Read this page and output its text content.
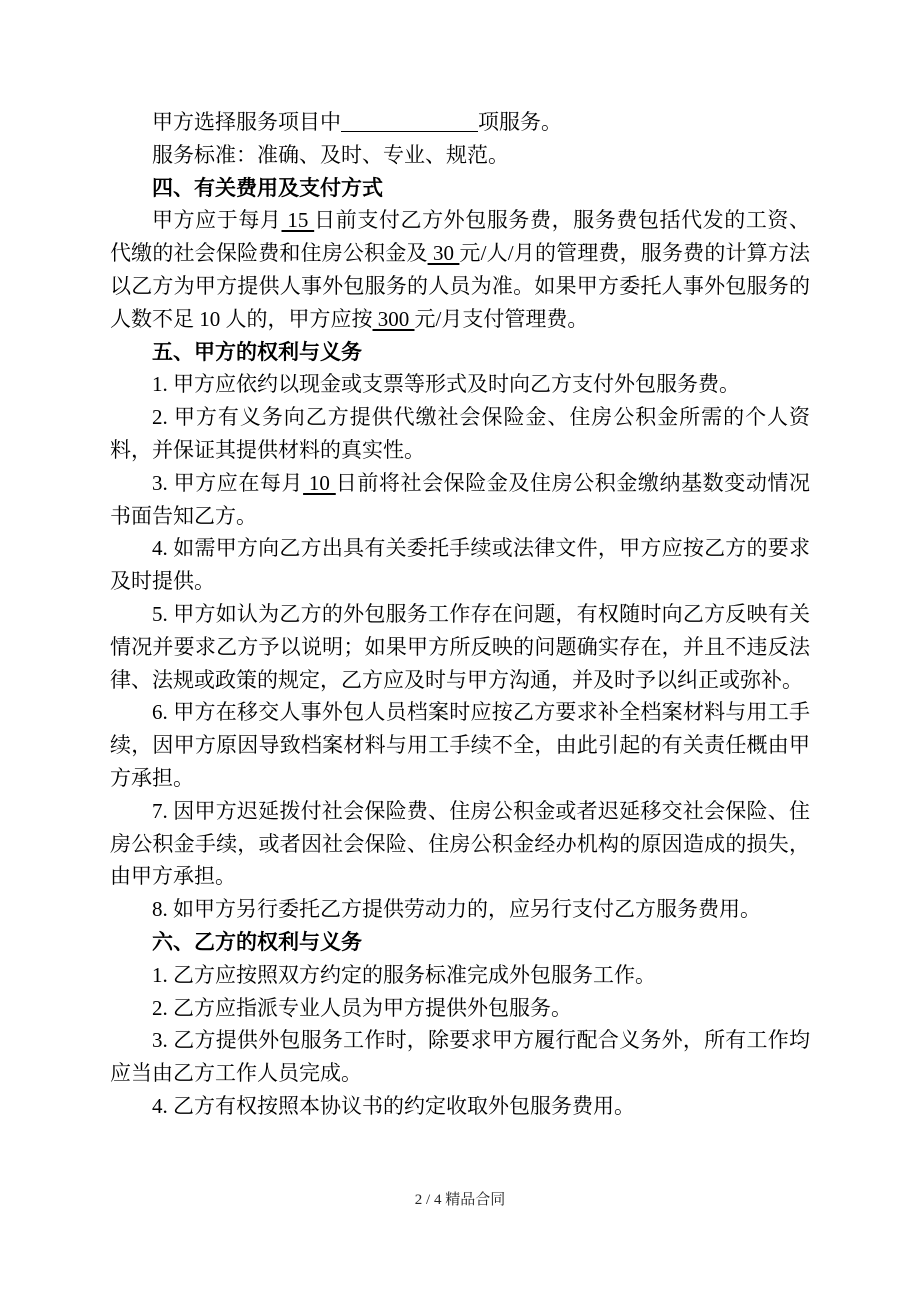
甲方选择服务项目中	项服务。

服务标准：准确、及时、专业、规范。

四、有关费用及支付方式

甲方应于每月 15 日前支付乙方外包服务费，服务费包括代发的工资、代缴的社会保险费和住房公积金及 30 元/人/月的管理费，服务费的计算方法以乙方为甲方提供人事外包服务的人员为准。如果甲方委托人事外包服务的人数不足 10 人的，甲方应按 300 元/月支付管理费。

五、甲方的权利与义务

1. 甲方应依约以现金或支票等形式及时向乙方支付外包服务费。

2. 甲方有义务向乙方提供代缴社会保险金、住房公积金所需的个人资料，并保证其提供材料的真实性。

3. 甲方应在每月 10 日前将社会保险金及住房公积金缴纳基数变动情况书面告知乙方。

4. 如需甲方向乙方出具有关委托手续或法律文件，甲方应按乙方的要求及时提供。

5. 甲方如认为乙方的外包服务工作存在问题，有权随时向乙方反映有关情况并要求乙方予以说明；如果甲方所反映的问题确实存在，并且不违反法律、法规或政策的规定，乙方应及时与甲方沟通，并及时予以纠正或弥补。

6. 甲方在移交人事外包人员档案时应按乙方要求补全档案材料与用工手续，因甲方原因导致档案材料与用工手续不全，由此引起的有关责任概由甲方承担。

7. 因甲方迟延拨付社会保险费、住房公积金或者迟延移交社会保险、住房公积金手续，或者因社会保险、住房公积金经办机构的原因造成的损失，由甲方承担。

8. 如甲方另行委托乙方提供劳动力的，应另行支付乙方服务费用。

六、乙方的权利与义务

1. 乙方应按照双方约定的服务标准完成外包服务工作。

2. 乙方应指派专业人员为甲方提供外包服务。

3. 乙方提供外包服务工作时，除要求甲方履行配合义务外，所有工作均应当由乙方工作人员完成。

4. 乙方有权按照本协议书的约定收取外包服务费用。

2 / 4 精品合同
